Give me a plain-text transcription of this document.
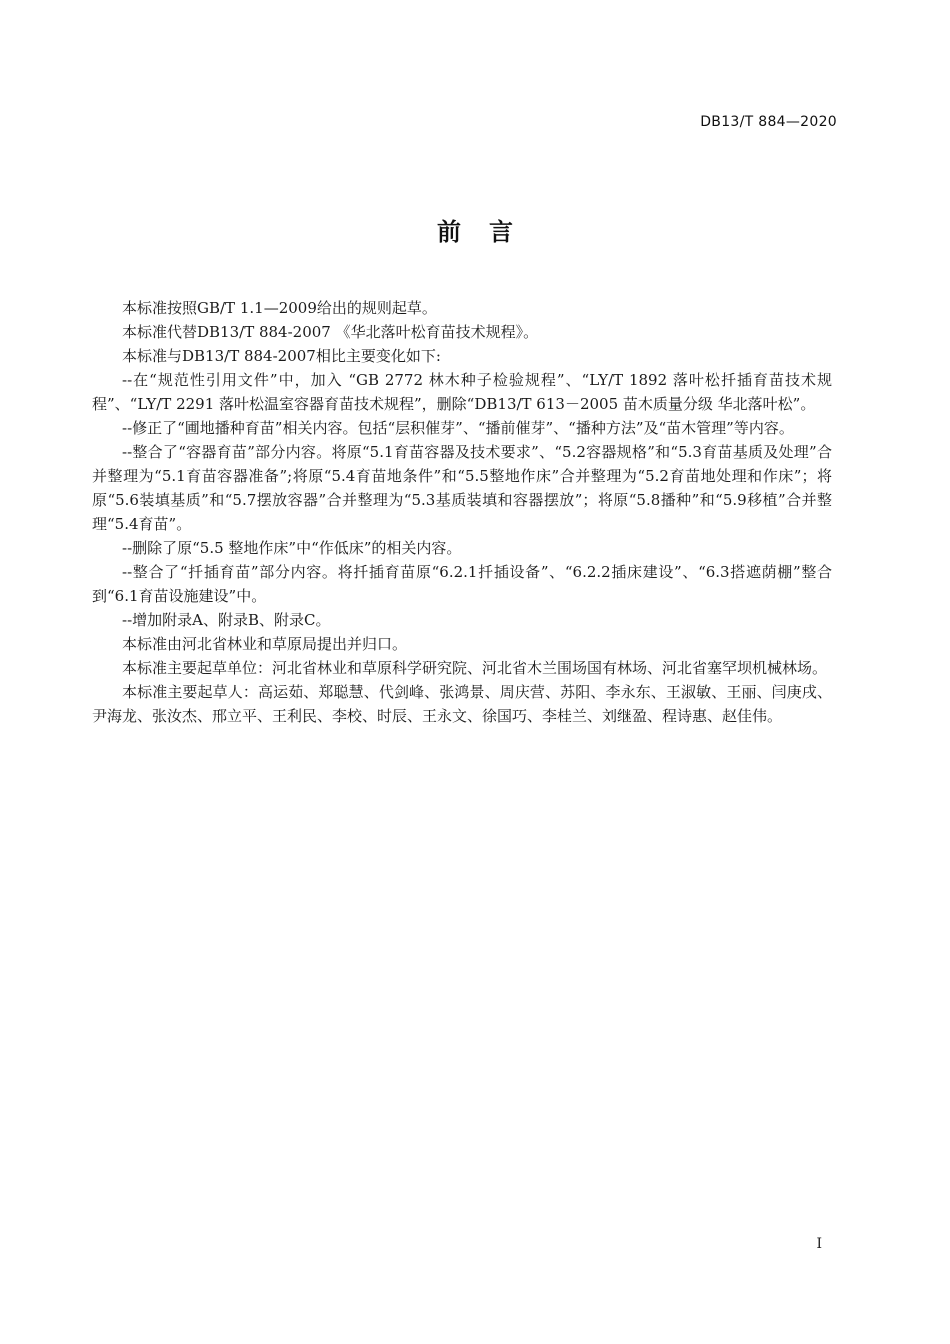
DB13/T 884—2020
前言

本标准按照GB/T 1.1—2009给出的规则起草。

本标准代替DB13/T 884-2007 《华北落叶松育苗技术规程》。

本标准与DB13/T 884-2007相比主要变化如下:

--在“规范性引用文件”中，加入 “GB 2772 林木种子检验规程”、“LY/T 1892 落叶松扦插育苗技术规程”、“LY/T 2291 落叶松温室容器育苗技术规程”，删除“DB13/T 613－2005 苗木质量分级 华北落叶松”。

--修正了“圃地播种育苗”相关内容。包括“层积催芽”、“播前催芽”、“播种方法”及“苗木管理”等内容。

--整合了“容器育苗”部分内容。将原“5.1育苗容器及技术要求”、“5.2容器规格”和“5.3育苗基质及处理”合并整理为“5.1育苗容器准备”;将原“5.4育苗地条件”和“5.5整地作床”合并整理为“5.2育苗地处理和作床”；将原“5.6装填基质”和“5.7摆放容器”合并整理为“5.3基质装填和容器摆放”；将原“5.8播种”和“5.9移植”合并整理“5.4育苗”。

--删除了原“5.5 整地作床”中“作低床”的相关内容。

--整合了“扦插育苗”部分内容。将扦插育苗原“6.2.1扦插设备”、“6.2.2插床建设”、“6.3搭遮荫棚”整合到“6.1育苗设施建设”中。

--增加附录A、附录B、附录C。

本标准由河北省林业和草原局提出并归口。

本标准主要起草单位：河北省林业和草原科学研究院、河北省木兰围场国有林场、河北省塞罕坝机械林场。

本标准主要起草人：高运茹、郑聪慧、代剑峰、张鸿景、周庆营、苏阳、李永东、王淑敏、王丽、闫庚戌、尹海龙、张汝杰、邢立平、王利民、李校、时辰、王永文、徐国巧、李桂兰、刘继盈、程诗惠、赵佳伟。

I
